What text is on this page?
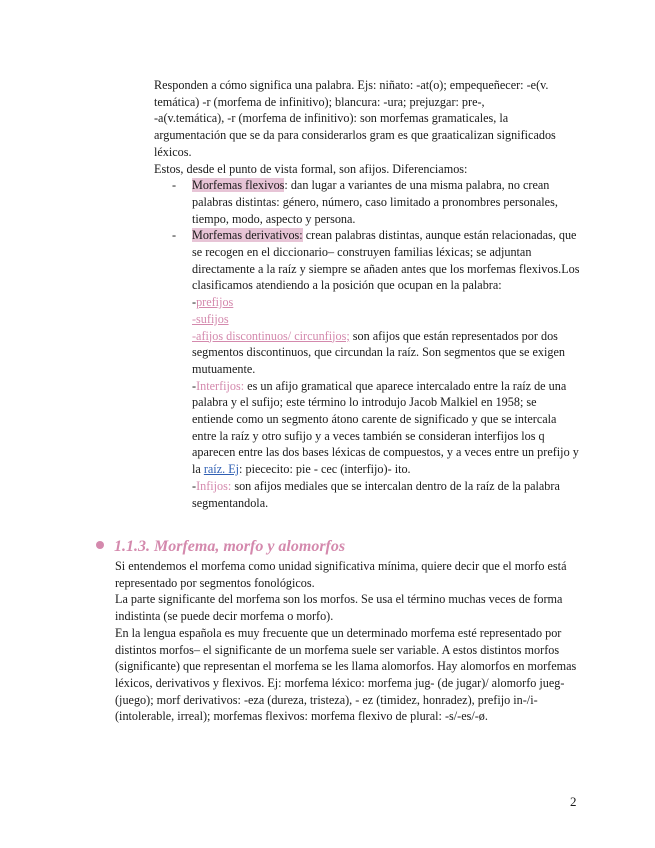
Responden a cómo significa una palabra. Ejs: niñato: -at(o); empequeñecer: -e(v. temática) -r (morfema de infinitivo); blancura: -ura; prejuzgar: pre-,

-a(v.temática), -r (morfema de infinitivo): son morfemas gramaticales, la argumentación que se da para considerarlos gram es que graaticalizan significados léxicos.

Estos, desde el punto de vista formal, son afijos. Diferenciamos:

- Morfemas flexivos: dan lugar a variantes de una misma palabra, no crean palabras distintas: género, número, caso limitado a pronombres personales, tiempo, modo, aspecto y persona.
- Morfemas derivativos: crean palabras distintas, aunque están relacionadas, que se recogen en el diccionario– construyen familias léxicas; se adjuntan directamente a la raíz y siempre se añaden antes que los morfemas flexivos.Los clasificamos atendiendo a la posición que ocupan en la palabra:
-prefijos
-sufijos
-afijos discontinuos/ circunfijos; son afijos que están representados por dos segmentos discontinuos, que circundan la raíz. Son segmentos que se exigen mutuamente.
-Interfijos: es un afijo gramatical que aparece intercalado entre la raíz de una palabra y el sufijo; este término lo introdujo Jacob Malkiel en 1958; se entiende como un segmento átono carente de significado y que se intercala entre la raíz y otro sufijo y a veces también se consideran interfijos los q aparecen entre las dos bases léxicas de compuestos, y a veces entre un prefijo y la raíz. Ej: piececito: pie - cec (interfijo)- ito.
-Infijos: son afijos mediales que se intercalan dentro de la raíz de la palabra segmentandola.
1.1.3. Morfema, morfo y alomorfos

Si entendemos el morfema como unidad significativa mínima, quiere decir que el morfo está representado por segmentos fonológicos.

La parte significante del morfema son los morfos. Se usa el término muchas veces de forma indistinta (se puede decir morfema o morfo).

En la lengua española es muy frecuente que un determinado morfema esté representado por distintos morfos– el significante de un morfema suele ser variable. A estos distintos morfos (significante) que representan el morfema se les llama alomorfos. Hay alomorfos en morfemas léxicos, derivativos y flexivos. Ej: morfema léxico: morfema jug- (de jugar)/ alomorfo jueg- (juego); morf derivativos: -eza (dureza, tristeza), - ez (timidez, honradez), prefijo in-/i- (intolerable, irreal); morfemas flexivos: morfema flexivo de plural: -s/-es/-ø.

2
